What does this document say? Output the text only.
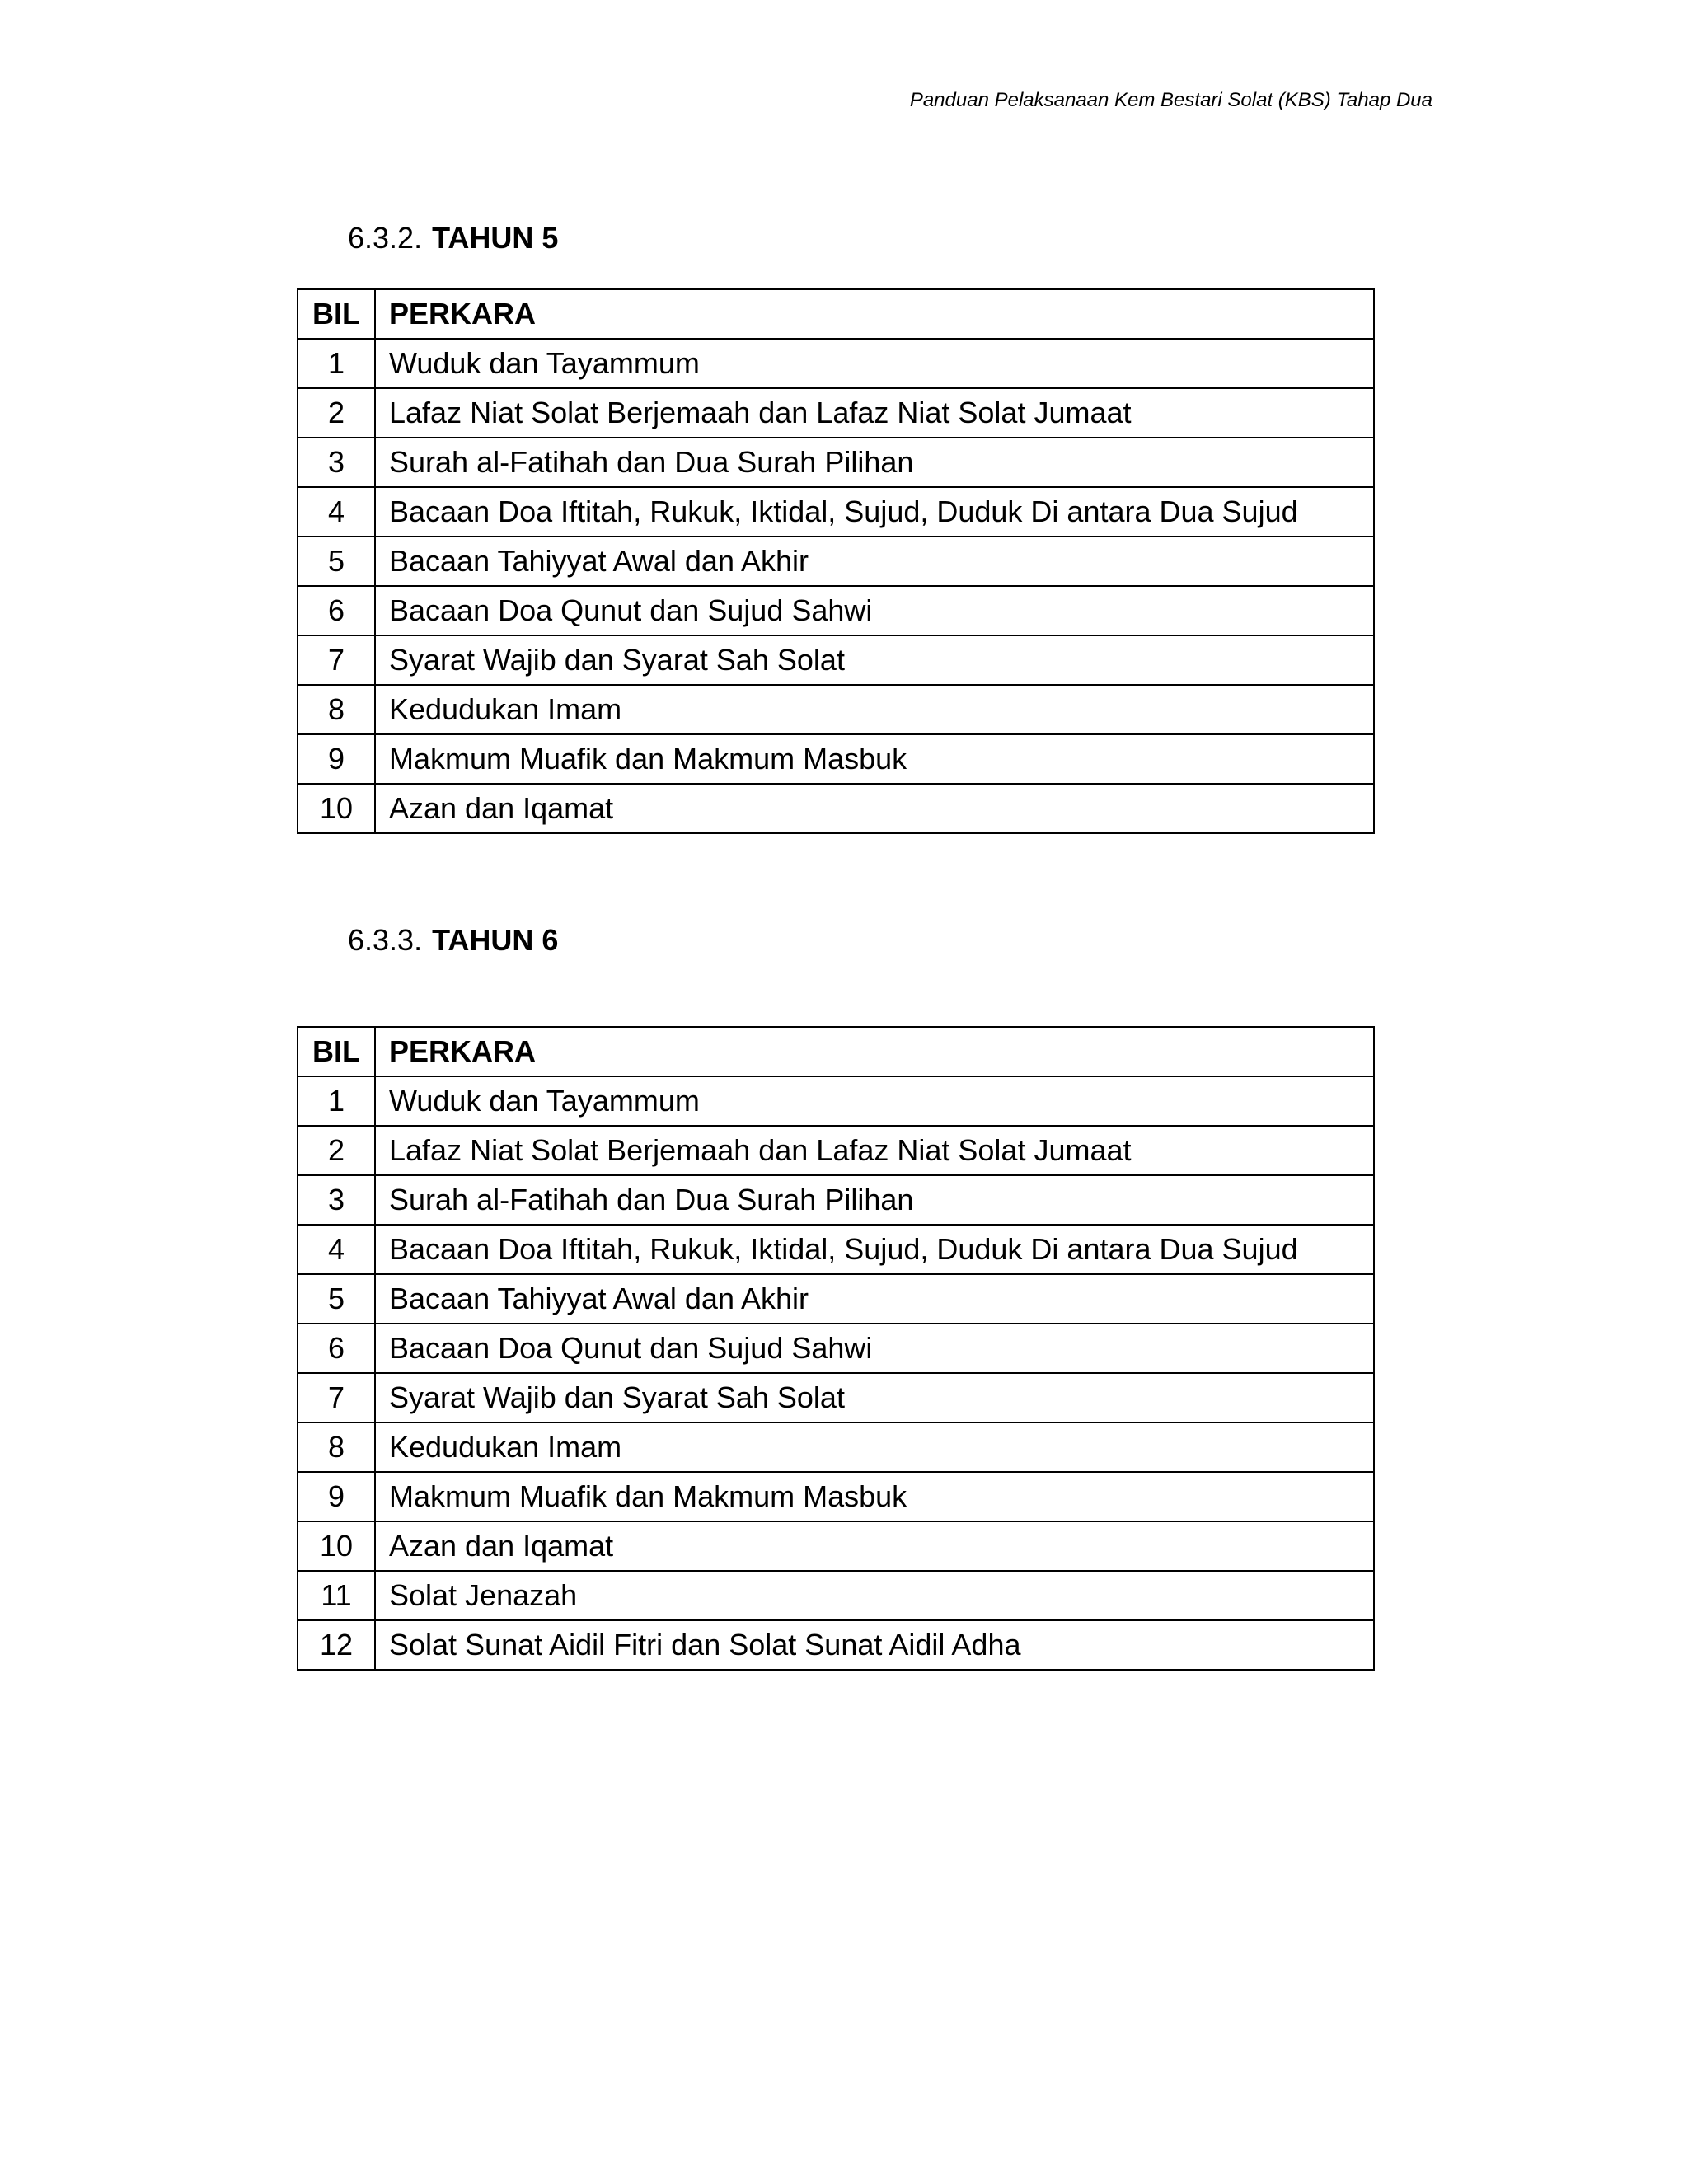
Panduan Pelaksanaan Kem Bestari Solat (KBS) Tahap Dua
6.3.2. TAHUN 5
BIL	PERKARA
1	Wuduk dan Tayammum
2	Lafaz Niat Solat Berjemaah dan Lafaz Niat Solat Jumaat
3	Surah al-Fatihah dan Dua Surah Pilihan
4	Bacaan Doa Iftitah, Rukuk, Iktidal, Sujud, Duduk Di antara Dua Sujud
5	Bacaan Tahiyyat Awal dan Akhir
6	Bacaan Doa Qunut dan Sujud Sahwi
7	Syarat Wajib dan Syarat Sah Solat
8	Kedudukan Imam
9	Makmum Muafik dan Makmum Masbuk
10	Azan dan Iqamat
6.3.3. TAHUN 6
BIL	PERKARA
1	Wuduk dan Tayammum
2	Lafaz Niat Solat Berjemaah dan Lafaz Niat Solat Jumaat
3	Surah al-Fatihah dan Dua Surah Pilihan
4	Bacaan Doa Iftitah, Rukuk, Iktidal, Sujud, Duduk Di antara Dua Sujud
5	Bacaan Tahiyyat Awal dan Akhir
6	Bacaan Doa Qunut dan Sujud Sahwi
7	Syarat Wajib dan Syarat Sah Solat
8	Kedudukan Imam
9	Makmum Muafik dan Makmum Masbuk
10	Azan dan Iqamat
11	Solat Jenazah
12	Solat Sunat Aidil Fitri dan Solat Sunat Aidil Adha
